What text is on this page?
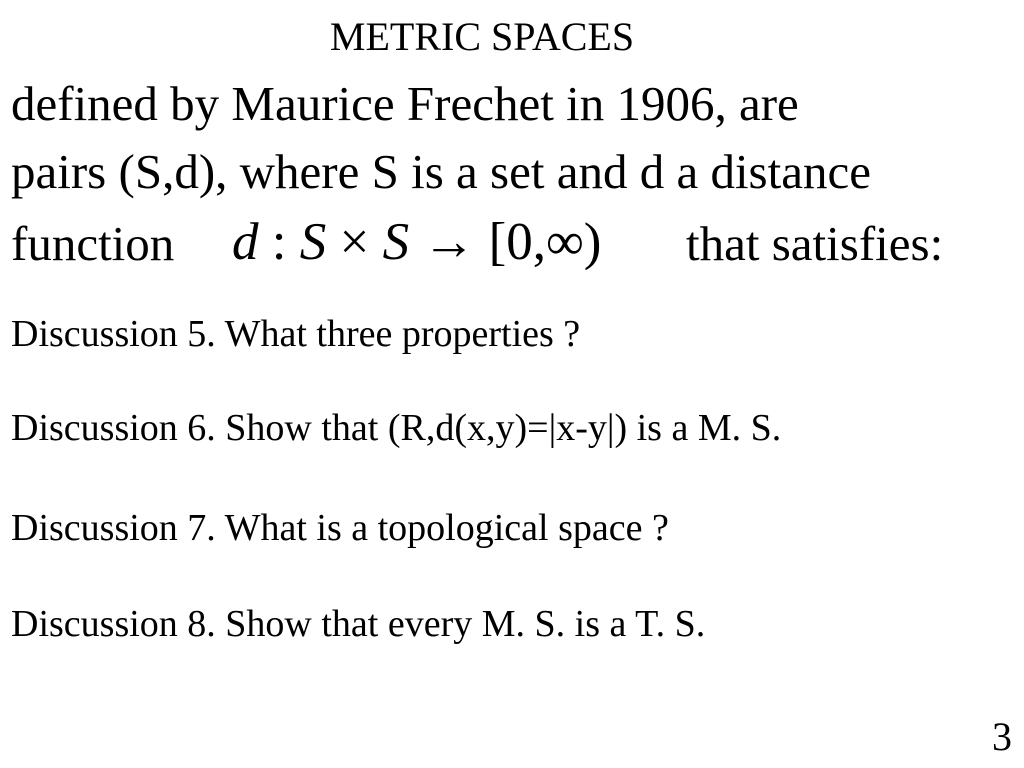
METRIC SPACES
defined by Maurice Frechet in 1906, are
pairs (S,d), where S is a set and d a distance
function d : S × S → [0,∞) that satisfies:
Discussion 5. What three properties ?
Discussion 6. Show that (R,d(x,y)=|x-y|) is a M. S.
Discussion 7. What is a topological space ?
Discussion 8. Show that every M. S. is a T. S.
3
